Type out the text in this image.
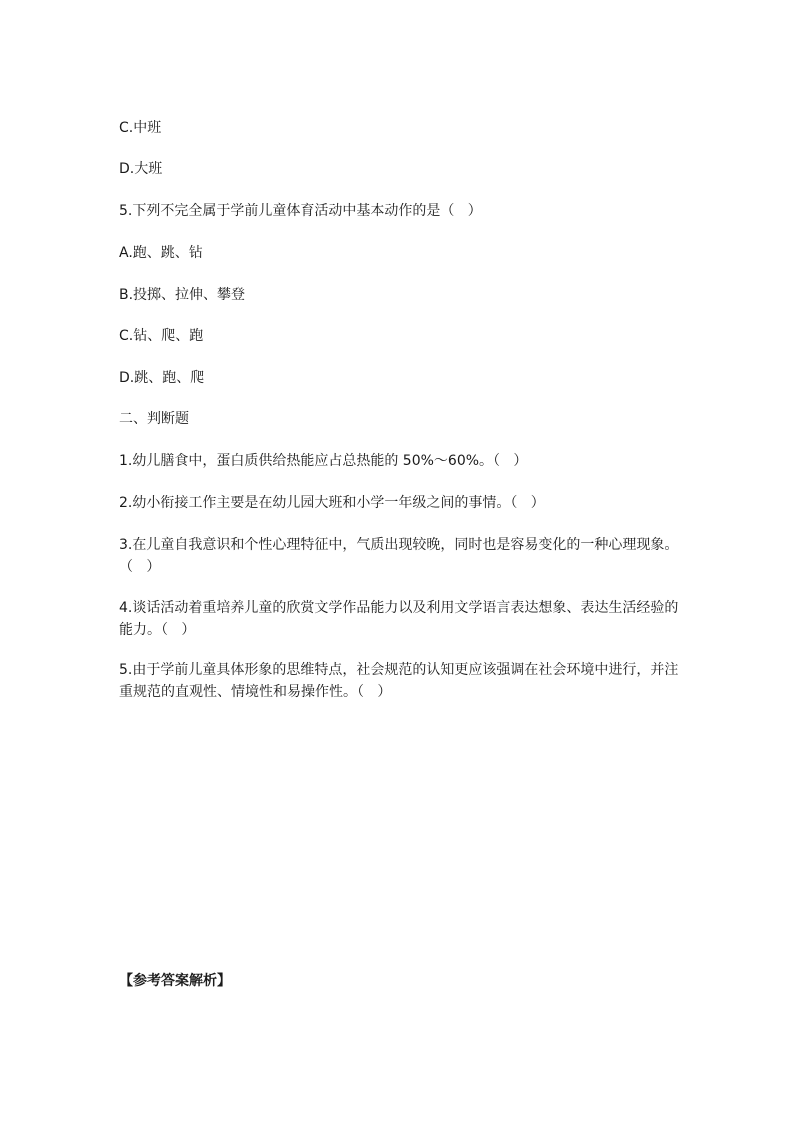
C.中班
D.大班
5.下列不完全属于学前儿童体育活动中基本动作的是（   ）
A.跑、跳、钻
B.投掷、拉伸、攀登
C.钻、爬、跑
D.跳、跑、爬
二、判断题
1.幼儿膳食中，蛋白质供给热能应占总热能的 50%～60%。（   ）
2.幼小衔接工作主要是在幼儿园大班和小学一年级之间的事情。（   ）
3.在儿童自我意识和个性心理特征中，气质出现较晚，同时也是容易变化的一种心理现象。（   ）
4.谈话活动着重培养儿童的欣赏文学作品能力以及利用文学语言表达想象、表达生活经验的能力。（   ）
5.由于学前儿童具体形象的思维特点，社会规范的认知更应该强调在社会环境中进行，并注重规范的直观性、情境性和易操作性。（   ）
【参考答案解析】
